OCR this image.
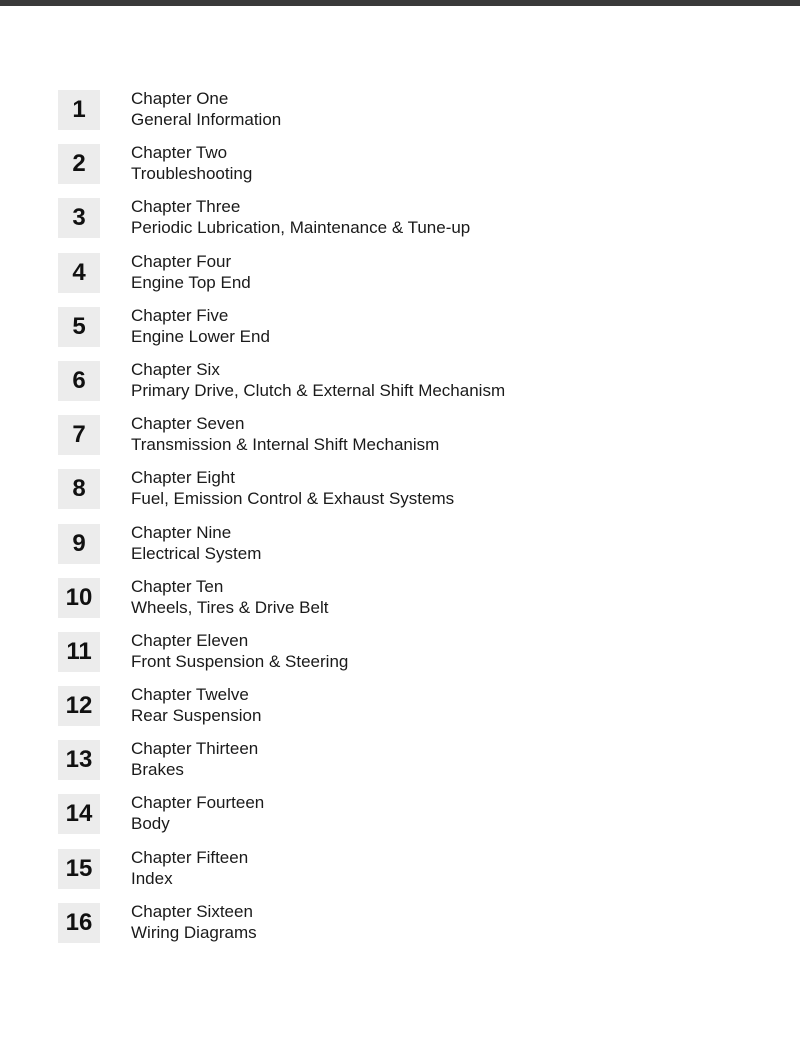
1	Chapter One
General Information
2	Chapter Two
Troubleshooting
3	Chapter Three
Periodic Lubrication, Maintenance & Tune-up
4	Chapter Four
Engine Top End
5	Chapter Five
Engine Lower End
6	Chapter Six
Primary Drive, Clutch & External Shift Mechanism
7	Chapter Seven
Transmission & Internal Shift Mechanism
8	Chapter Eight
Fuel, Emission Control & Exhaust Systems
9	Chapter Nine
Electrical System
10	Chapter Ten
Wheels, Tires & Drive Belt
11	Chapter Eleven
Front Suspension & Steering
12	Chapter Twelve
Rear Suspension
13	Chapter Thirteen
Brakes
14	Chapter Fourteen
Body
15	Chapter Fifteen
Index
16	Chapter Sixteen
Wiring Diagrams
